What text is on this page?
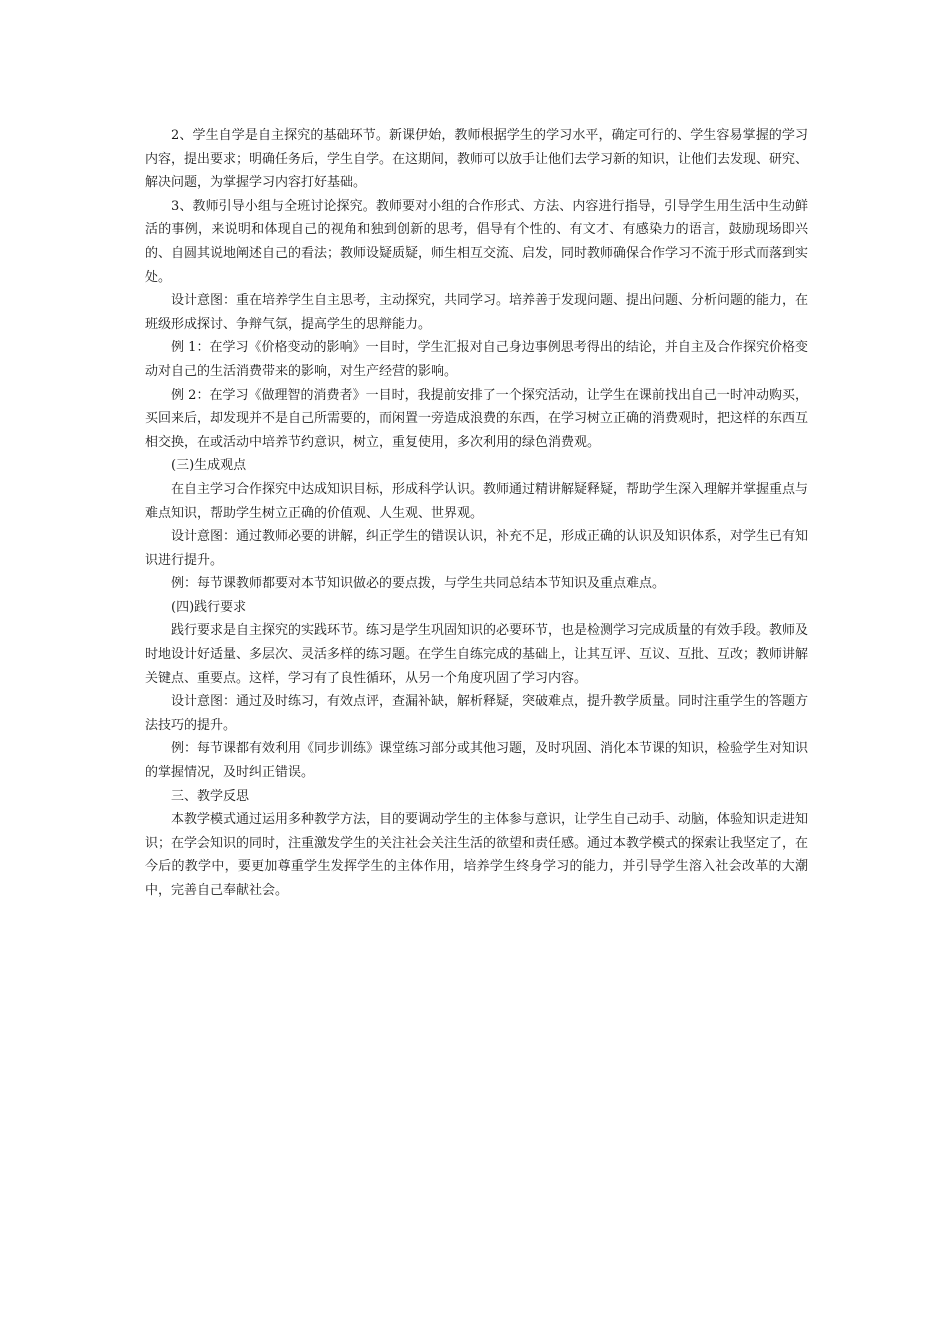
2、学生自学是自主探究的基础环节。新课伊始，教师根据学生的学习水平，确定可行的、学生容易掌握的学习内容，提出要求；明确任务后，学生自学。在这期间，教师可以放手让他们去学习新的知识，让他们去发现、研究、解决问题，为掌握学习内容打好基础。

3、教师引导小组与全班讨论探究。教师要对小组的合作形式、方法、内容进行指导，引导学生用生活中生动鲜活的事例，来说明和体现自己的视角和独到创新的思考，倡导有个性的、有文才、有感染力的语言，鼓励现场即兴的、自圆其说地阐述自己的看法；教师设疑质疑，师生相互交流、启发，同时教师确保合作学习不流于形式而落到实处。

设计意图：重在培养学生自主思考，主动探究，共同学习。培养善于发现问题、提出问题、分析问题的能力，在班级形成探讨、争辩气氛，提高学生的思辩能力。

例 1：在学习《价格变动的影响》一目时，学生汇报对自己身边事例思考得出的结论，并自主及合作探究价格变动对自己的生活消费带来的影响，对生产经营的影响。

例 2：在学习《做理智的消费者》一目时，我提前安排了一个探究活动，让学生在课前找出自己一时冲动购买，买回来后，却发现并不是自己所需要的，而闲置一旁造成浪费的东西，在学习树立正确的消费观时，把这样的东西互相交换，在或活动中培养节约意识，树立，重复使用，多次利用的绿色消费观。

(三)生成观点

在自主学习合作探究中达成知识目标，形成科学认识。教师通过精讲解疑释疑，帮助学生深入理解并掌握重点与难点知识，帮助学生树立正确的价值观、人生观、世界观。

设计意图：通过教师必要的讲解，纠正学生的错误认识，补充不足，形成正确的认识及知识体系，对学生已有知识进行提升。

例：每节课教师都要对本节知识做必的要点拨，与学生共同总结本节知识及重点难点。

(四)践行要求

践行要求是自主探究的实践环节。练习是学生巩固知识的必要环节，也是检测学习完成质量的有效手段。教师及时地设计好适量、多层次、灵活多样的练习题。在学生自练完成的基础上，让其互评、互议、互批、互改；教师讲解关键点、重要点。这样，学习有了良性循环，从另一个角度巩固了学习内容。

设计意图：通过及时练习，有效点评，查漏补缺，解析释疑，突破难点，提升教学质量。同时注重学生的答题方法技巧的提升。

例：每节课都有效利用《同步训练》课堂练习部分或其他习题，及时巩固、消化本节课的知识，检验学生对知识的掌握情况，及时纠正错误。

三、教学反思

本教学模式通过运用多种教学方法，目的要调动学生的主体参与意识，让学生自己动手、动脑，体验知识走进知识；在学会知识的同时，注重激发学生的关注社会关注生活的欲望和责任感。通过本教学模式的探索让我坚定了，在今后的教学中，要更加尊重学生发挥学生的主体作用，培养学生终身学习的能力，并引导学生溶入社会改革的大潮中，完善自己奉献社会。
